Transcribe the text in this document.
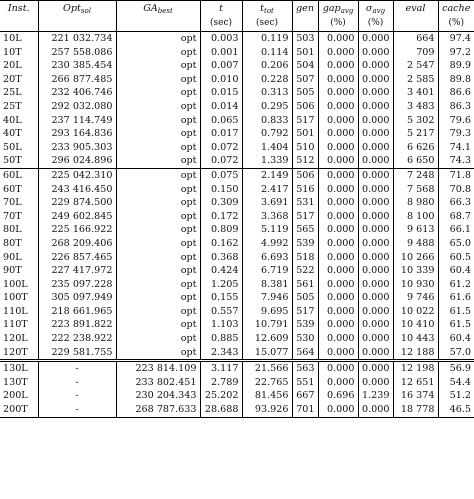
Inst.	Opt$_{sol}$	$GA_{best}$	t	$t_{tot}$	gen	gap$_{avg}$	$\sigma_{avg}$	eval	cache
			(sec)	(sec)		(%)	(%)		(%)
10L	221 032.734	opt	0.003	0.119	503	0.000	0.000	664	97.4
10T	257 558.086	opt	0.001	0.114	501	0.000	0.000	709	97.2
20L	230 385.454	opt	0.007	0.206	504	0.000	0.000	2 547	89.9
20T	266 877.485	opt	0.010	0.228	507	0.000	0.000	2 585	89.8
25L	232 406.746	opt	0.015	0.313	505	0.000	0.000	3 401	86.6
25T	292 032.080	opt	0.014	0.295	506	0.000	0.000	3 483	86.3
40L	237 114.749	opt	0.065	0.833	517	0.000	0.000	5 302	79.6
40T	293 164.836	opt	0.017	0.792	501	0.000	0.000	5 217	79.3
50L	233 905.303	opt	0.072	1.404	510	0.000	0.000	6 626	74.1
50T	296 024.896	opt	0.072	1.339	512	0.000	0.000	6 650	74.3
60L	225 042.310	opt	0.075	2.149	506	0.000	0.000	7 248	71.8
60T	243 416.450	opt	0.150	2.417	516	0.000	0.000	7 568	70.8
70L	229 874.500	opt	0.309	3.691	531	0.000	0.000	8 980	66.3
70T	249 602.845	opt	0.172	3.368	517	0.000	0.000	8 100	68.7
80L	225 166.922	opt	0.809	5.119	565	0.000	0.000	9 613	66.1
80T	268 209.406	opt	0.162	4.992	539	0.000	0.000	9 488	65.0
90L	226 857.465	opt	0.368	6.693	518	0.000	0.000	10 266	60.5
90T	227 417.972	opt	0.424	6.719	522	0.000	0.000	10 339	60.4
100L	235 097.228	opt	1.205	8.381	561	0.000	0.000	10 930	61.2
100T	305 097.949	opt	0.155	7.946	505	0.000	0.000	9 746	61.6
110L	218 661.965	opt	0.557	9.695	517	0.000	0.000	10 022	61.5
110T	223 891.822	opt	1.103	10.791	539	0.000	0.000	10 410	61.5
120L	222 238.922	opt	0.885	12.609	530	0.000	0.000	10 443	60.4
120T	229 581.755	opt	2.343	15.077	564	0.000	0.000	12 188	57.0
130L	-	223 814.109	3.117	21.566	563	0.000	0.000	12 198	56.9
130T	-	233 802.451	2.789	22.765	551	0.000	0.000	12 651	54.4
200L	-	230 204.343	25.202	81.456	667	0.696	1.239	16 374	51.2
200T	-	268 787.633	28.688	93.926	701	0.000	0.000	18 778	46.5
